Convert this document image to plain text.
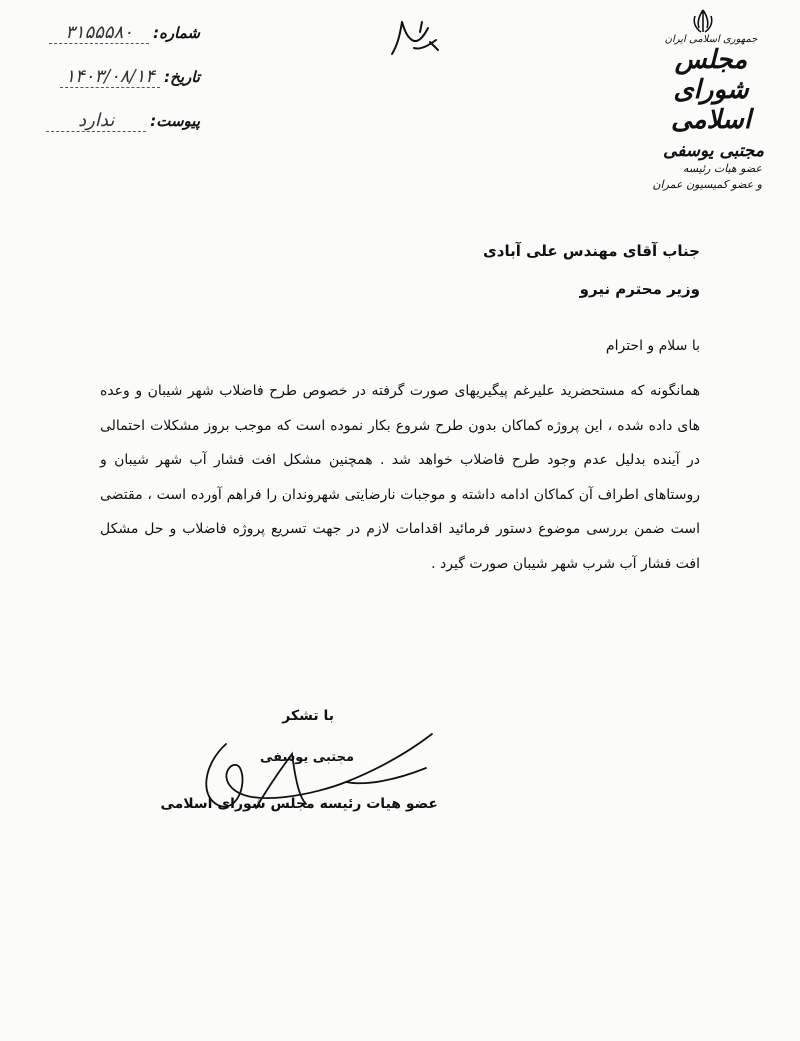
جمهوری اسلامی ایران
مجلس شورای اسلامی
مجتبی یوسفی
عضو هیات رئیسه
و عضو کمیسیون عمران
شماره:
۳۱۵۵۵۸۰
تاریخ:
۱۴۰۳/۰۸/۱۴
پیوست:
ندارد
جناب آقای مهندس علی آبادی
وزیر محترم نیرو
با سلام و احترام
همانگونه که مستحضرید علیرغم پیگیریهای صورت گرفته در خصوص طرح فاضلاب شهر شیبان و وعده های داده شده ، این پروژه کماکان بدون طرح شروع بکار نموده است که موجب بروز مشکلات احتمالی در آینده بدلیل عدم وجود طرح فاضلاب خواهد شد . همچنین مشکل افت فشار آب شهر شیبان و روستاهای اطراف آن کماکان ادامه داشته و موجبات نارضایتی شهروندان را فراهم آورده است ، مقتضی است ضمن بررسی موضوع دستور فرمائید اقدامات لازم در جهت تسریع پروژه فاضلاب و حل مشکل افت فشار آب شرب شهر شیبان صورت گیرد .
با تشکر
مجتبی یوسفی
عضو هیات رئیسه مجلس شورای اسلامی
